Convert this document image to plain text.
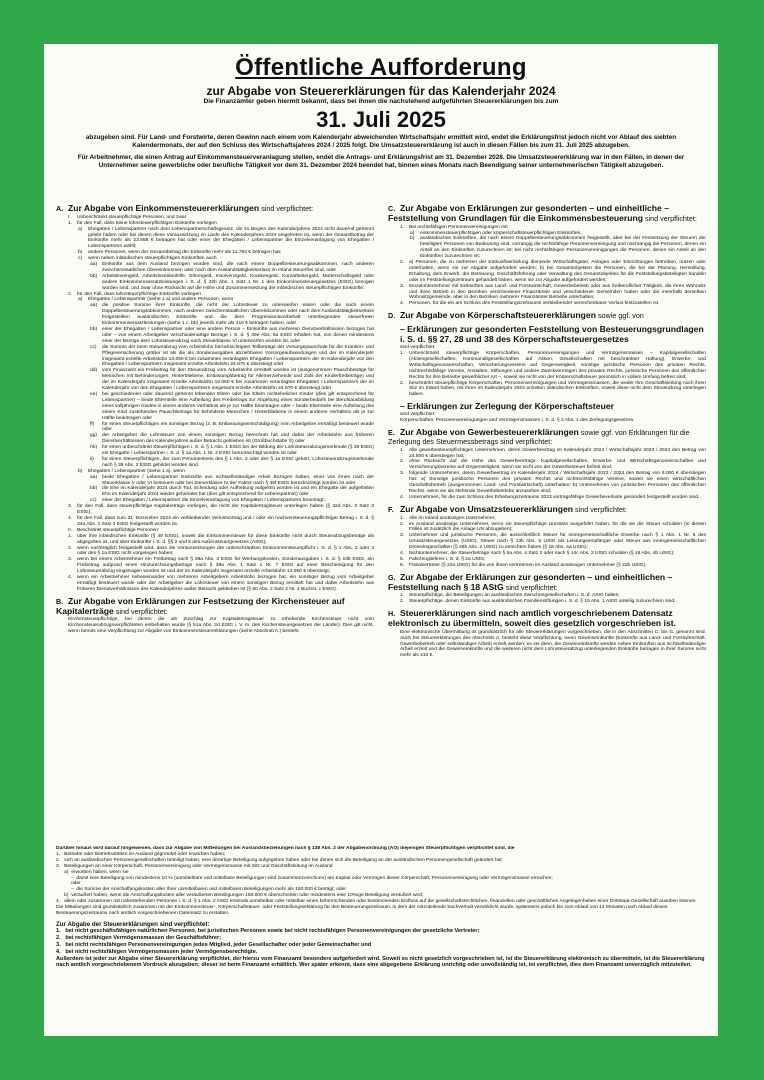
Öffentliche Aufforderung
zur Abgabe von Steuererklärungen für das Kalenderjahr 2024
Die Finanzämter geben hiermit bekannt, dass bei ihnen die nachstehend aufgeführten Steuererklärungen bis zum
31. Juli 2025
abzugeben sind. Für Land- und Forstwirte, deren Gewinn nach einem vom Kalenderjahr abweichenden Wirtschaftsjahr ermittelt wird, endet die Erklärungsfrist jedoch nicht vor Ablauf des siebten Kalendermonats, der auf den Schluss des Wirtschaftsjahres 2024 / 2025 folgt. Die Umsatzsteuererklärung ist auch in diesen Fällen bis zum 31. Juli 2025 abzugeben.
Für Arbeitnehmer, die einen Antrag auf Einkommensteuerveranlagung stellen, endet die Antrags- und Erklärungsfrist am 31. Dezember 2028. Die Umsatzsteuererklärung war in den Fällen, in denen der Unternehmer seine gewerbliche oder berufliche Tätigkeit vor dem 31. Dezember 2024 beendet hat, binnen eines Monats nach Beendigung seiner unternehmerischen Tätigkeit abzugeben.
A. Zur Abgabe von Einkommensteuererklärungen sind verpflichtet:
I.	Unbeschränkt steuerpflichtige Personen, und zwar
1.	für den Fall, dass keine lohnsteuerpflichtigen Einkünfte vorliegen
a)	Ehegatten / Lebenspartner nach dem Lebenspartnerschaftsgesetz, die zu Beginn des Kalenderjahres 2024 nicht dauernd getrennt gelebt haben oder bei denen diese Voraussetzung im Laufe des Kalenderjahres 2024 eingetreten ist, wenn der Gesamtbetrag der Einkünfte mehr als 23.568 € betragen hat oder einer der Ehegatten / Lebenspartner die Einzelveranlagung von Ehegatten / Lebenspartnern wählt;
b)	andere Personen, wenn der Gesamtbetrag der Einkünfte mehr als 11.784 € betragen hat;
c)	wenn neben inländischen steuerpflichtigen Einkünften auch
aa)	Einkünfte aus dem Ausland bezogen worden sind, die nach einem Doppelbesteuerungsabkommen, nach anderen zwischenstaatlichen Übereinkommen oder nach dem Auslandstätigkeitserlass im Inland steuerfrei sind, oder
bb)	Arbeitslosengeld, Arbeitslosenbeihilfe, Elterngeld, Insolvenzgeld, Krankengeld, Kurzarbeitergeld, Mutterschaftsgeld oder andere Einkommensersatzleistungen i. S. d. § 32b Abs. 1 Satz 1 Nr. 1 des Einkommensteuergesetzes (EStG) bezogen worden sind, und zwar ohne Rücksicht auf die Höhe und Zusammensetzung der inländischen steuerpflichtigen Einkünfte;
2.	für den Fall, dass lohnsteuerpflichtige Einkünfte vorliegen
a)	Ehegatten / Lebenspartner (siehe 1 a) und andere Personen, wenn
aa)	die positive Summe ihrer Einkünfte, die nicht der Lohnsteuer zu unterwerfen waren oder die nach einem Doppelbesteuerungsabkommen, nach anderen zwischenstaatlichen Übereinkommen oder nach dem Auslandstätigkeitserlass freigestellten ausländischen Einkünfte und die dem Progressionsvorbehalt unterliegenden steuerfreien Einkommensersatzleistungen (siehe 1 c, bb) jeweils mehr als 410 € betragen haben, oder
bb)	einer der Ehegatten / Lebenspartner oder eine andere Person – Einkünfte aus mehreren Dienstverhältnissen bezogen hat oder – von einem Arbeitgeber verschiedenartige Bezüge i. S. d. § 39e Abs. 5a EStG erhalten hat, von denen mindestens einer der Bezüge dem Lohnsteuerabzug nach Steuerklasse VI unterworfen worden ist, oder
cc)	die Summe der beim Steuerabzug vom Arbeitslohn berücksichtigten Teilbeträge der Vorsorgepauschale für die Kranken- und Pflegeversicherung größer ist als die als Sonderausgaben abziehbaren Vorsorgeaufwendungen und der im Kalenderjahr insgesamt erzielte Arbeitslohn 13.050 € bei zusammen veranlagten Ehegatten / Lebenspartnern der im Kalenderjahr von den Ehegatten / Lebenspartnern insgesamt erzielte Arbeitslohn 24.870 € übersteigt oder
dd)	vom Finanzamt ein Freibetrag für den Steuerabzug vom Arbeitslohn ermittelt worden ist (ausgenommen Pauschbeträge für Menschen mit Behinderungen, Hinterbliebene, Entlastungsbetrag für Alleinerziehende und Zahl der Kinderfreibeträge) und der im Kalenderjahr insgesamt erzielte Arbeitslohn 13.050 € bei zusammen veranlagten Ehegatten / Lebenspartnern der im Kalenderjahr von den Ehegatten / Lebenspartnern insgesamt erzielte Arbeitslohn 24.870 € übersteigt oder
ee)	bei geschiedenen oder dauernd getrennt lebenden Eltern oder bei Eltern nichtehelicher Kinder (dies gilt entsprechend für Lebenspartner) – beide Elternteile eine Aufteilung des Freibetrags zur Abgeltung eines Sonderbedarfs bei Berufsausbildung eines volljährigen Kindes in einem anderen Verhältnis als je zur Hälfte beantragen oder – beide Elternteile eine Aufteilung des einem Kind zustehenden Pauschbetrags für behinderte Menschen / Hinterbliebene in einem anderen Verhältnis als je zur Hälfte beantragen oder
ff)	für einen Steuerpflichtigen ein sonstiger Bezug (z. B. Entlassungsentschädigung) vom Arbeitgeber ermäßigt besteuert wurde oder
gg)	der Arbeitgeber die Lohnsteuer von einem sonstigen Bezug berechnet hat und dabei der Arbeitslohn aus früheren Dienstverhältnissen des Kalenderjahres außer Betracht geblieben ist (Großbuchstabe S) oder
hh)	für einen unbeschränkt Steuerpflichtigen i. S. d. § 1 Abs. 1 EStG bei der Bildung der Lohnsteuerabzugsmerkmale (§ 39 EStG) ein Ehegatte / Lebenspartner i. S. d. § 1a Abs. 1 Nr. 2 EStG berücksichtigt worden ist oder
ii)	für einen Steuerpflichtigen, der zum Personenkreis des § 1 Abs. 3 oder des § 1a EStG gehört, Lohnsteuerabzugsmerkmale nach § 39 Abs. 2 EStG gebildet worden sind.
b)	Ehegatten / Lebenspartner (siehe 1 a), wenn
aa)	beide Ehegatten / Lebenspartner Einkünfte aus nichtselbständiger Arbeit bezogen haben, einer von ihnen nach der Steuerklasse V oder VI besteuert oder bei Steuerklasse IV der Faktor nach § 39f EStG berücksichtigt worden ist oder
bb)	die Ehe im Kalenderjahr 2024 durch Tod, Scheidung oder Aufhebung aufgelöst worden ist und ein Ehegatte der aufgelösten Ehe im Kalenderjahr 2024 wieder geheiratet hat (dies gilt entsprechend für Lebenspartner) oder
cc)	einer der Ehegatten / Lebenspartner die Einzelveranlagung von Ehegatten / Lebenspartnern beantragt;
3.	für den Fall, dass steuerpflichtige Kapitalerträge vorliegen, die nicht der Kapitalertragsteuer unterlegen haben (§ 32d Abs. 3 Satz 3 EStG);
4.	für den Fall, dass zum 31. Dezember 2023 ein verbleibender Verlustvortrag und / oder ein nachversteuerungspflichtiger Betrag i. S. d. § 34a Abs. 3 Satz 3 EStG festgestellt worden ist.
II.	Beschränkt steuerpflichtige Personen:
1.	über ihre inländischen Einkünfte (§ 49 EStG), soweit die Einkommensteuer für diese Einkünfte nicht durch Steuerabzugsbeträge als abgegolten ist, und über Einkünfte i. S. d. §§ 2 und 5 des Außensteuergesetzes (AStG);
2.	wenn nachträglich festgestellt wird, dass die Voraussetzungen der unbeschränkten Einkommensteuerpflicht i. S. d. § 1 Abs. 2 oder 3 oder des § 1a EStG nicht vorgelegen haben;
3.	wenn bei einem Arbeitnehmer ein Freibetrag nach § 39a Abs. 4 EStG für Werbungskosten, Sonderausgaben i. S. d. § 10b EStG, ein Freibetrag aufgrund eines Hinzurechnungsbetrags nach § 39a Abs. 1 Satz 1 Nr. 7 EStG auf einer Bescheinigung für den Lohnsteuerabzug eingetragen worden ist und der im Kalenderjahr insgesamt erzielte Arbeitslohn 13.050 € übersteigt;
4.	wenn ein Arbeitnehmer nebeneinander von mehreren Arbeitgebern Arbeitslohn bezogen hat, ein sonstiger Bezug vom Arbeitgeber ermäßigt besteuert wurde oder der Arbeitgeber die Lohnsteuer von einem sonstigen Bezug ermittelt hat und dabei Arbeitslohn aus früheren Dienstverhältnissen des Kalenderjahres außer Betracht geblieben ist (§ 50 Abs. 2 Satz 2 Nr. 4 Buchst. c EStG).
B. Zur Abgabe von Erklärungen zur Festsetzung der Kirchensteuer auf Kapitalerträge sind verpflichtet:
Kirchensteuerpflichtige, bei denen die als Zuschlag zur Kapitalertragsteuer zu erhebende Kirchensteuer nicht vom Kirchensteuerabzugsverpflichteten einbehalten wurde (§ 51a Abs. 2d EStG i. V. m. den Kirchensteuergesetzen der Länder). Dies gilt nicht, wenn bereits eine Verpflichtung zur Abgabe von Einkommensteuererklärungen (siehe Abschnitt A.) besteht.
C. Zur Abgabe von Erklärungen zur gesonderten – und einheitliche – Feststellung von Grundlagen für die Einkommensbesteuerung sind verpflichtet:
1.	Bei rechtsfähigen Personenvereinigungen mit
a)	einkommensteuerpflichtigen oder körperschaftsteuerpflichtigen Einkünften,
b)	ausländischen Einkünften, die nach einem Doppelbesteuerungsabkommen freigestellt, aber bei der Festsetzung der Steuern der beteiligten Personen von Bedeutung sind, vorrangig die rechtsfähige Personenvereinigung und nachrangig die Personen, denen ein Anteil an den Einkünften zuzurechnen ist; bei nicht rechtsfähigen Personenvereinigungen die Personen, denen ein Anteil an den Einkünften zuzurechnen ist;
2.	a) Personen, die zu mehreren der Einkunftserzielung dienende Wirtschaftsgüter, Anlagen oder Einrichtungen betreiben, nutzen oder unterhalten, wenn sie zur Abgabe aufgefordert werden; b) bei Gesamtobjekten die Personen, die bei der Planung, Herstellung, Erhaltung, dem Erwerb, der Betreuung, Geschäftsführung oder Verwaltung des Gesamtobjektes für die Feststellungsbeteiligten handeln oder im Feststellungszeitraum gehandelt haben, wenn sie zur Abgabe aufgefordert werden;
3.	Einzelunternehmer mit Einkünften aus Land- und Forstwirtschaft, Gewerbebetrieb oder aus freiberuflicher Tätigkeit, die ihren Wohnsitz und ihren Betrieb in den Bezirken verschiedener Finanzämter und verschiedener Gemeinden haben oder die innerhalb derselben Wohnsitzgemeinde, aber in den Bezirken mehrerer Finanzämter Betriebe unterhalten;
4.	Personen, für die ein am Schluss des Feststellungszeitraums verbleibender verrechenbarer Verlust festzustellen ist.
D. Zur Abgabe von Körperschaftsteuererklärungen sowie ggf. von
– Erklärungen zur gesonderten Feststellung von Besteuerungsgrundlagen i. S. d. §§ 27, 28 und 38 des Körperschaftsteuergesetzes
sind verpflichtet:
1.	Unbeschränkt steuerpflichtige Körperschaften, Personenvereinigungen und Vermögensmassen – Kapitalgesellschaften (Aktiengesellschaften, Kommanditgesellschaften auf Aktien, Gesellschaften mit beschränkter Haftung), Erwerbs- und Wirtschaftsgenossenschaften, Versicherungsvereine auf Gegenseitigkeit, sonstige juristische Personen des privaten Rechts, nichtrechtsfähige Vereine, Anstalten, Stiftungen und andere Zweckvermögen des privaten Rechts, juristische Personen des öffentlichen Rechts für ihre Betriebe gewerblicher Art –, soweit sie nicht von der Körperschaftsteuer persönlich in vollem Umfang befreit sind;
2.	beschränkt steuerpflichtige Körperschaften, Personenvereinigungen und Vermögensmassen, die weder ihre Geschäftsleitung noch ihren Sitz im Inland haben, mit ihren im Kalenderjahr 2024 erzielten inländischen Einkünften, soweit diese nicht dem Steuerabzug unterlegen haben.
– Erklärungen zur Zerlegung der Körperschaftsteuer
sind verpflichtet:
Körperschaften, Personenvereinigungen und Vermögensmassen i. S. d. § 2 Abs. 1 des Zerlegungsgesetzes.
E. Zur Abgabe von Gewerbesteuererklärungen sowie ggf. von Erklärungen für die Zerlegung des Steuermessbetrags sind verpflichtet:
1.	Alle gewerbesteuerpflichtigen Unternehmen, deren Gewerbeertrag im Kalenderjahr 2024 / Wirtschaftsjahr 2023 / 2024 den Betrag von 24.500 € überstiegen hat;
2.	ohne Rücksicht auf die Höhe des Gewerbeertrags: Kapitalgesellschaften, Erwerbs- und Wirtschaftsgenossenschaften und Versicherungsvereine auf Gegenseitigkeit, wenn sie nicht von der Gewerbesteuer befreit sind;
3.	folgende Unternehmen, deren Gewerbeertrag im Kalenderjahr 2024 / Wirtschaftsjahr 2023 / 2024 den Betrag von 5.000 € überstiegen hat: a) Sonstige juristische Personen des privaten Rechts und nichtrechtsfähige Vereine, soweit sie einen wirtschaftlichen Geschäftsbetrieb (ausgenommen Land- und Forstwirtschaft) unterhalten; b) Unternehmen von juristischen Personen des öffentlichen Rechts, wenn sie als stehende Gewerbebetriebe anzusehen sind;
4.	Unternehmen, für die zum Schluss des Erhebungszeitraums 2023 vortragsfähige Gewerbeverluste gesondert festgestellt worden sind.
F. Zur Abgabe von Umsatzsteuererklärungen sind verpflichtet:
1.	Alle im Inland ansässigen Unternehmer;
2.	im Ausland ansässige Unternehmer, wenn sie steuerpflichtige Umsätze ausgeführt haben, für die sie die Steuer schulden (in diesen Fällen ist zusätzlich die Anlage UN abzugeben);
3.	Unternehmer und juristische Personen, die ausschließlich Steuer für innergemeinschaftliche Erwerbe nach § 1 Abs. 1 Nr. 5 des Umsatzsteuergesetzes (UStG), Steuer nach § 13b Abs. 5 UStG als Leistungsempfänger oder Steuer aus innergemeinschaftlichen Dreiecksgeschäften (§ 25b Abs. 2 UStG) zu entrichten haben (§ 18 Abs. 4a UStG);
4.	Nichtunternehmer, die Steuerbeträge nach § 6a Abs. 4 Satz 2 oder nach § 14c Abs. 2 UStG schulden (§ 18 Abs. 4b UStG);
5.	Fahrzeuglieferer i. S. d. § 2a UStG;
6.	Fiskalvertreter (§ 22a UStG) für die von ihnen vertretenen im Ausland ansässigen Unternehmer (§ 22b UStG).
G. Zur Abgabe der Erklärungen zur gesonderten – und einheitlichen – Feststellung nach § 18 AStG sind verpflichtet:
1.	Steuerpflichtige, die Beteiligungen an ausländischen Zwischengesellschaften i. S. d. AStG halten;
2.	Steuerpflichtige, denen Einkünfte aus ausländischen Familienstiftungen i. S. d. § 15 Abs. 1 AStG anteilig zuzurechnen sind.
H. Steuererklärungen sind nach amtlich vorgeschriebenem Datensatz elektronisch zu übermitteln, soweit dies gesetzlich vorgeschrieben ist.
Eine elektronische Übermittlung ist grundsätzlich für alle Steuererklärungen vorgeschrieben, die in den Abschnitten C. bis G. genannt sind. Auch bei Steuererklärungen des Abschnitts A. besteht diese Verpflichtung, wenn Gewinneinkünfte (Einkünfte aus Land- und Forstwirtschaft, Gewerbebetrieb oder selbständiger Arbeit) erzielt werden; es sei denn, die Gewinneinkünfte werden neben Einkünften aus nichtselbständiger Arbeit erzielt und die Gewinneinkünfte und die weiteren nicht dem Lohnsteuerabzug unterliegenden Einkünfte betragen in ihrer Summe nicht mehr als 410 €.
Darüber hinaus wird darauf hingewiesen, dass zur Abgabe von Mitteilungen bei Auslandsbeziehungen nach § 138 Abs. 2 der Abgabenordnung (AO) diejenigen Steuerpflichtigen verpflichtet sind, die
1.   Betriebe oder Betriebsstätten im Ausland gegründet oder erworben haben;
2.   sich an ausländischen Personengesellschaften beteiligt haben, eine derartige Beteiligung aufgegeben haben oder bei denen sich die Beteiligung an der ausländischen Personengesellschaft geändert hat;
3.   Beteiligungen an einer Körperschaft, Personenvereinigung oder Vermögensmasse mit Sitz und Geschäftsleitung im Ausland
a)  erworben haben, wenn sie
–  damit eine Beteiligung von mindestens 10 % (unmittelbare und mittelbare Beteiligungen sind zusammenzurechnen) am Kapital oder Vermögen dieser Körperschaft, Personenvereinigung oder Vermögensmasse erreichen;
oder
–  die Summe der Anschaffungskosten aller Ihrer unmittelbaren und mittelbaren Beteiligungen mehr als 150.000 € beträgt; oder
b)  veräußert haben, wenn die Anschaffungskosten aller veräußerten Beteiligungen 150.000 € überschreiten oder mindestens eine 10%ige Beteiligung veräußert wird;
4.   allein oder zusammen mit nahestehenden Personen i. S. d. § 1 Abs. 2 AStG erstmals unmittelbar oder mittelbar einen beherrschenden oder bestimmenden Einfluss auf die gesellschaftsrechtlichen, finanziellen oder geschäftlichen Angelegenheiten einer Drittstaat-Gesellschaft ausüben können.
Die Mitteilungen sind grundsätzlich zusammen mit der Einkommensteuer-, Körperschaftsteuer- oder Feststellungserklärung für den Besteuerungszeitraum, in dem der mitzuteilende Sachverhalt verwirklicht wurde, spätestens jedoch bis zum Ablauf von 14 Monaten nach Ablauf dieses Besteuerungszeitraums nach amtlich vorgeschriebenem Datensatz zu erstatten.
Zur Abgabe der Steuererklärungen sind verpflichtet:
1.   bei nicht geschäftsfähigen natürlichen Personen, bei juristischen Personen sowie bei nicht rechtsfähigen Personenvereinigungen der gesetzliche Vertreter;
2.   bei rechtsfähigen Vermögensmassen der Geschäftsführer;
3.   bei nicht rechtsfähigen Personenvereinigungen jedes Mitglied, jeder Gesellschafter oder jeder Gemeinschafter und
4.   bei nicht rechtsfähigen Vermögensmassen jeder Vermögensberechtigte.
Außerdem ist jeder zur Abgabe einer Steuererklärung verpflichtet, der hierzu vom Finanzamt besonders aufgefordert wird. Soweit es nicht gesetzlich vorgeschrieben ist, ist die Steuererklärung elektronisch zu übermitteln, ist die Steuererklärung nach amtlich vorgeschriebenem Vordruck abzugeben; dieser ist beim Finanzamt erhältlich. Wer später erkennt, dass eine abgegebene Erklärung unrichtig oder unvollständig ist, ist verpflichtet, dies dem Finanzamt unverzüglich mitzuteilen.
